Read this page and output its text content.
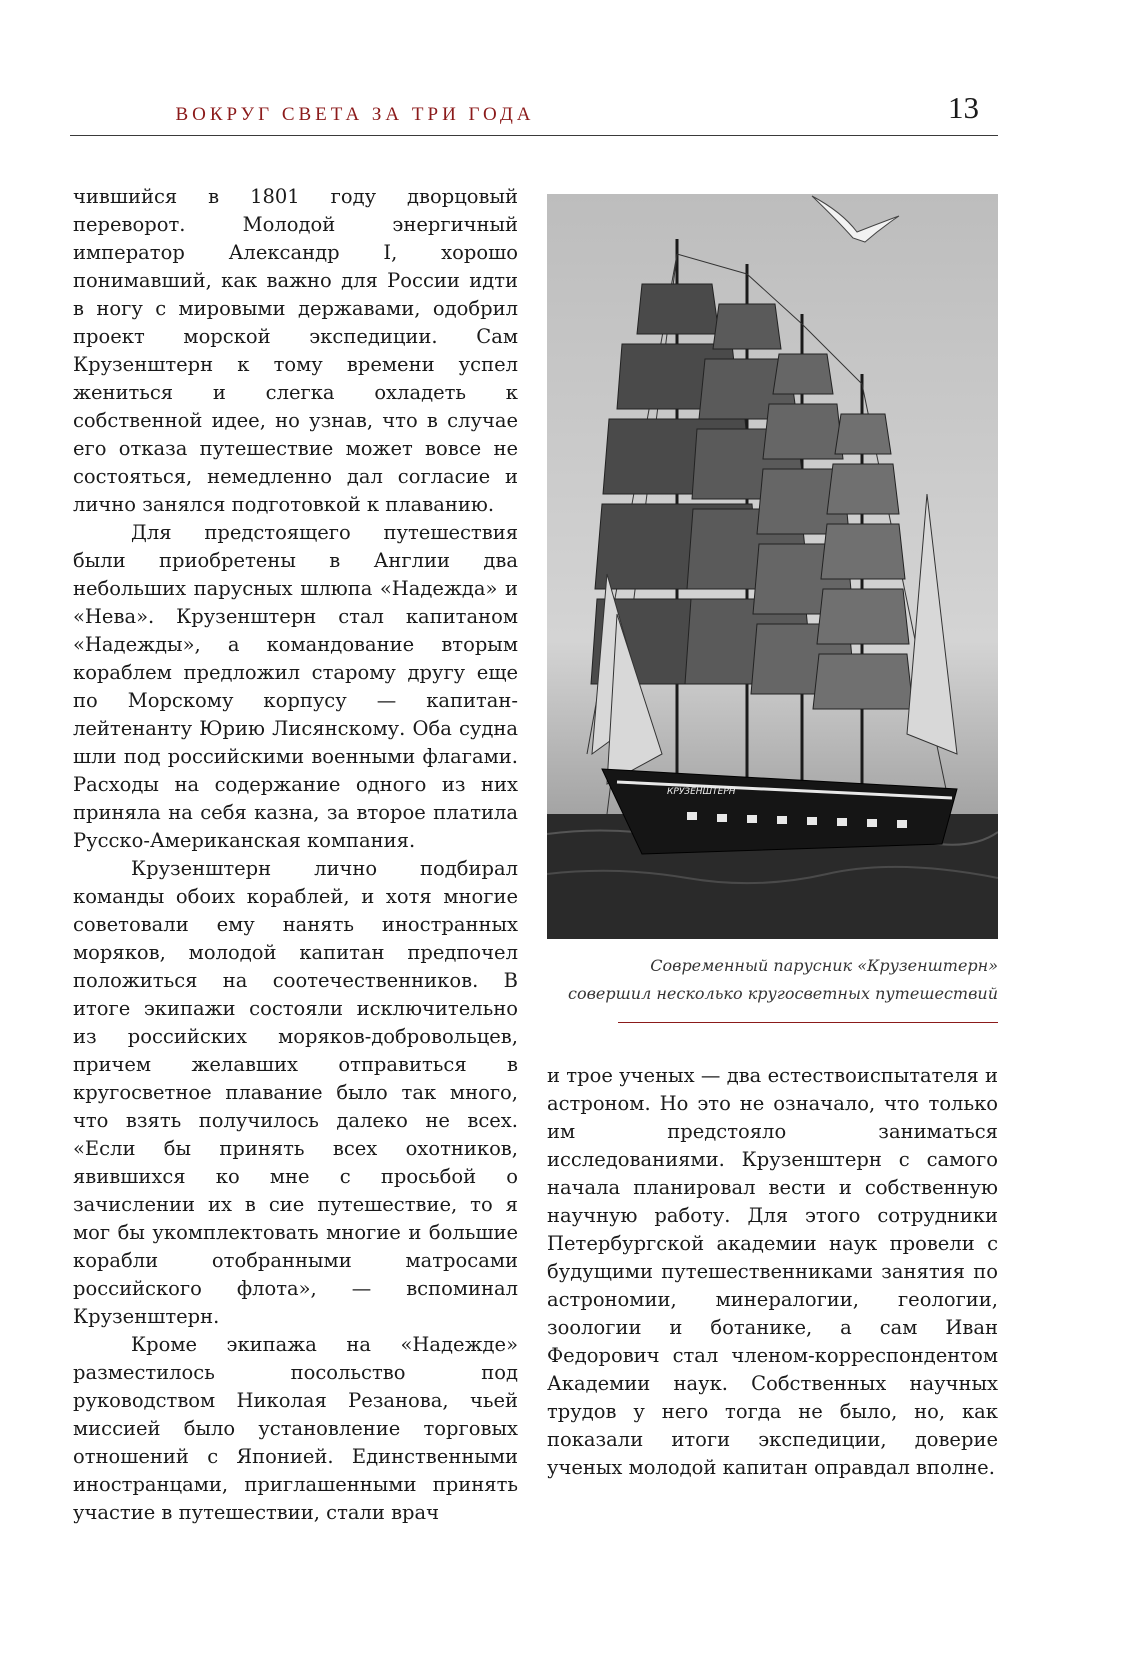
ВОКРУГ СВЕТА ЗА ТРИ ГОДА	13

чившийся в 1801 году дворцовый переворот. Молодой энергичный император Александр I, хорошо понимавший, как важно для России идти в ногу с мировыми державами, одобрил проект морской экспедиции. Сам Крузенштерн к тому времени успел жениться и слегка охладеть к собственной идее, но узнав, что в случае его отказа путешествие может вовсе не состояться, немедленно дал согласие и лично занялся подготовкой к плаванию.

Для предстоящего путешествия были приобретены в Англии два небольших парусных шлюпа «Надежда» и «Нева». Крузенштерн стал капитаном «Надежды», а командование вторым кораблем предложил старому другу еще по Морскому корпусу — капитан-лейтенанту Юрию Лисянскому. Оба судна шли под российскими военными флагами. Расходы на содержание одного из них приняла на себя казна, за второе платила Русско-Американская компания.

Крузенштерн лично подбирал команды обоих кораблей, и хотя многие советовали ему нанять иностранных моряков, молодой капитан предпочел положиться на соотечественников. В итоге экипажи состояли исключительно из российских моряков-добровольцев, причем желавших отправиться в кругосветное плавание было так много, что взять получилось далеко не всех. «Если бы принять всех охотников, явившихся ко мне с просьбой о зачислении их в сие путешествие, то я мог бы укомплектовать многие и большие корабли отобранными матросами российского флота», — вспоминал Крузенштерн.

Кроме экипажа на «Надежде» разместилось посольство под руководством Николая Резанова, чьей миссией было установление торговых отношений с Японией. Единственными иностранцами, приглашенными принять участие в путешествии, стали врач

КРУЗЕНШТЕРН
Современный парусник «Крузенштерн»
совершил несколько кругосветных путешествий

и трое ученых — два естествоиспытателя и астроном. Но это не означало, что только им предстояло заниматься исследованиями. Крузенштерн с самого начала планировал вести и собственную научную работу. Для этого сотрудники Петербургской академии наук провели с будущими путешественниками занятия по астрономии, минералогии, геологии, зоологии и ботанике, а сам Иван Федорович стал членом-корреспондентом Академии наук. Собственных научных трудов у него тогда не было, но, как показали итоги экспедиции, доверие ученых молодой капитан оправдал вполне.
